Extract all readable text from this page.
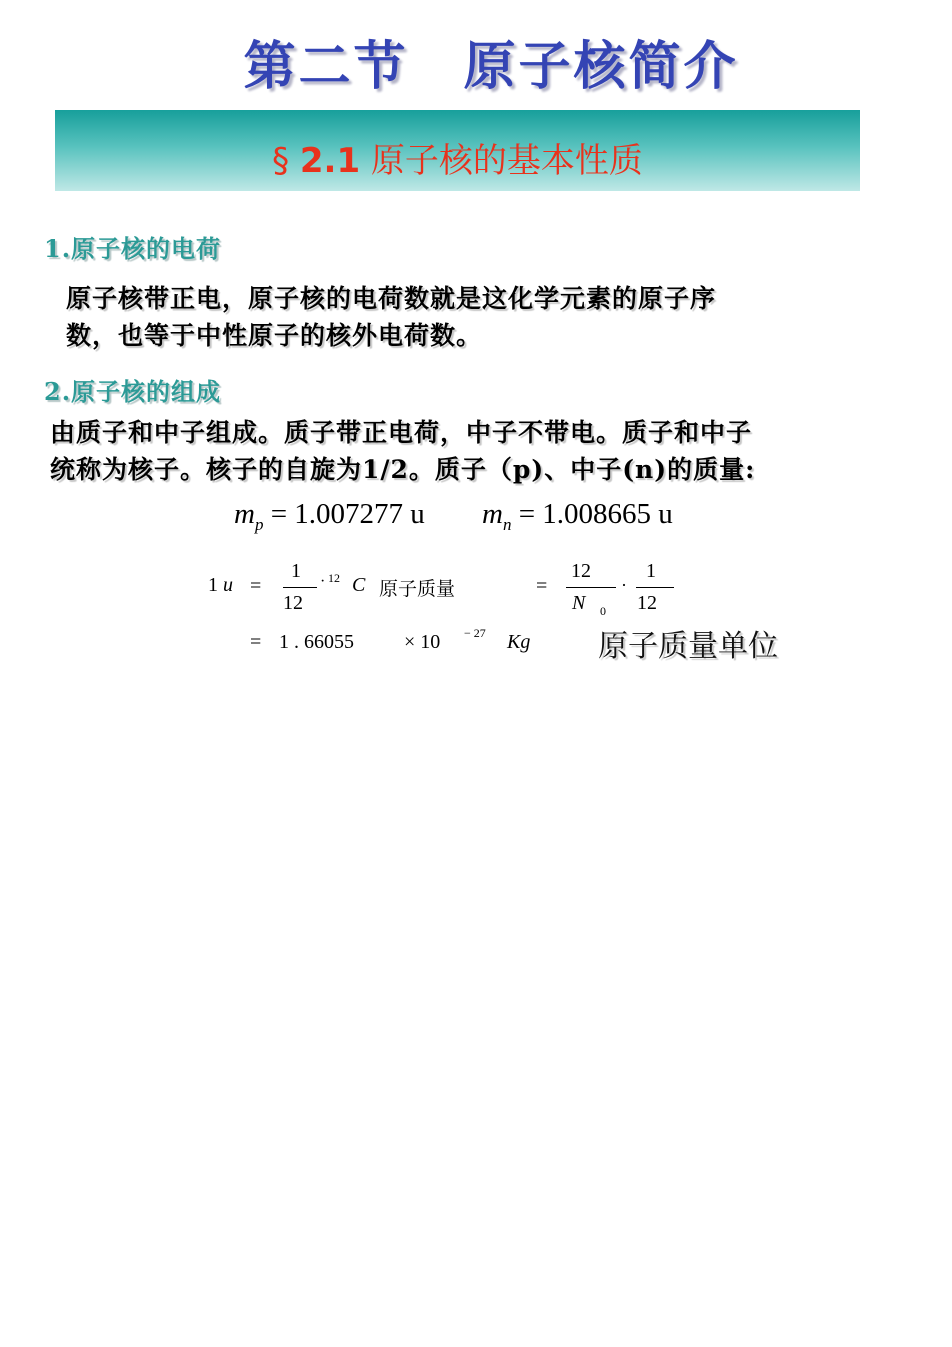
第二节　原子核简介
§ 2.1 原子核的基本性质
1.原子核的电荷
原子核带正电，原子核的电荷数就是这化学元素的原子序
数，也等于中性原子的核外电荷数。
2.原子核的组成
由质子和中子组成。质子带正电荷，中子不带电。质子和中子
统称为核子。核子的自旋为1/2。质子（p)、中子(n)的质量:
$m_p = 1.007277$ u $m_n = 1.008665$ u
1 u =
1
12
· 12 C 原子质量	=
12
N 0
·
1
12
= 1 . 66055	× 10 − 27 Kg 原子质量单位
